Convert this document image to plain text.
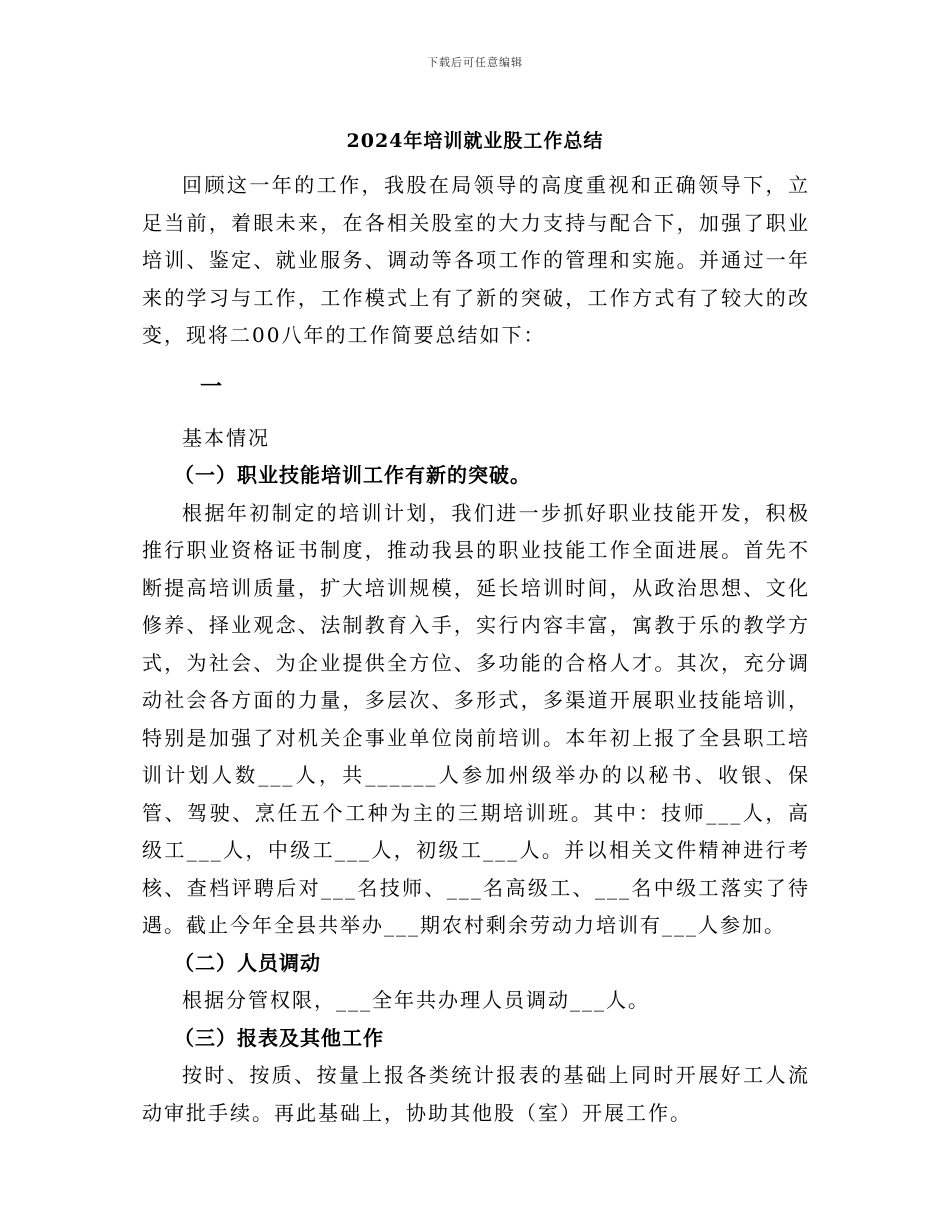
下载后可任意编辑
2024年培训就业股工作总结

回顾这一年的工作，我股在局领导的高度重视和正确领导下，立足当前，着眼未来，在各相关股室的大力支持与配合下，加强了职业培训、鉴定、就业服务、调动等各项工作的管理和实施。并通过一年来的学习与工作，工作模式上有了新的突破，工作方式有了较大的改变，现将二00八年的工作简要总结如下：

一

基本情况

（一）职业技能培训工作有新的突破。

根据年初制定的培训计划，我们进一步抓好职业技能开发，积极推行职业资格证书制度，推动我县的职业技能工作全面进展。首先不断提高培训质量，扩大培训规模，延长培训时间，从政治思想、文化修养、择业观念、法制教育入手，实行内容丰富，寓教于乐的教学方式，为社会、为企业提供全方位、多功能的合格人才。其次，充分调动社会各方面的力量，多层次、多形式，多渠道开展职业技能培训，特别是加强了对机关企事业单位岗前培训。本年初上报了全县职工培训计划人数___人，共______人参加州级举办的以秘书、收银、保管、驾驶、烹任五个工种为主的三期培训班。其中：技师___人，高级工___人，中级工___人，初级工___人。并以相关文件精神进行考核、查档评聘后对___名技师、___名高级工、___名中级工落实了待遇。截止今年全县共举办___期农村剩余劳动力培训有___人参加。

（二）人员调动

根据分管权限，___全年共办理人员调动___人。

（三）报表及其他工作

按时、按质、按量上报各类统计报表的基础上同时开展好工人流动审批手续。再此基础上，协助其他股（室）开展工作。
